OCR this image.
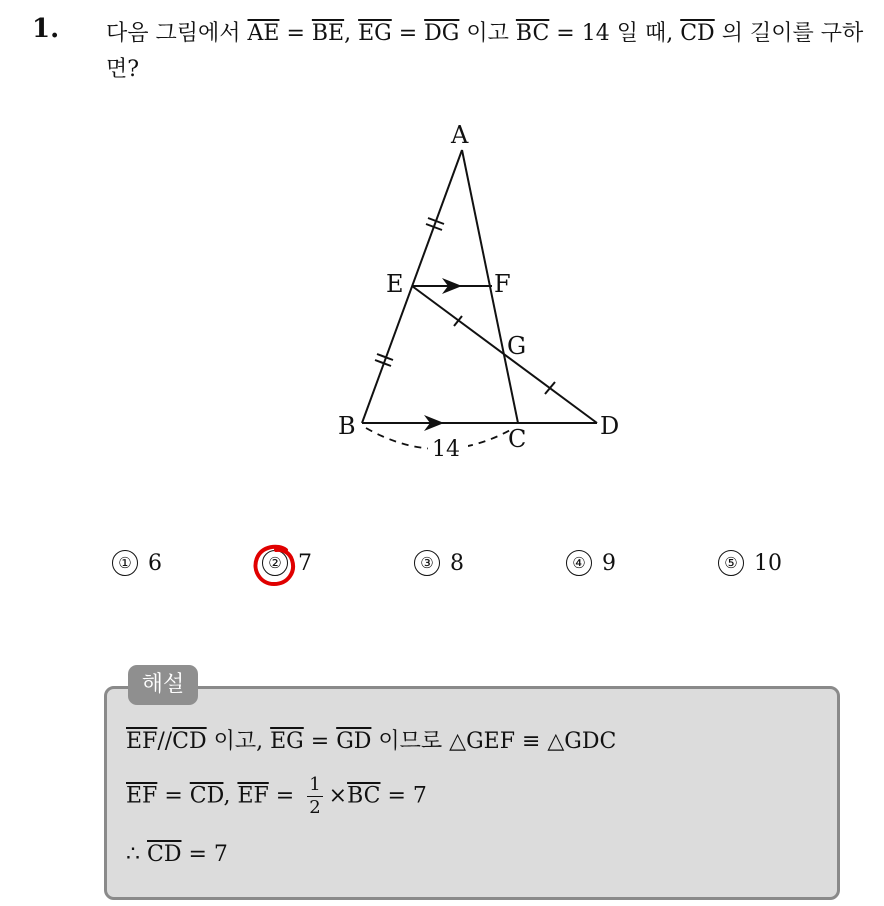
1. 다음 그림에서 $\overline{AE} = \overline{BE}$, $\overline{EG} = \overline{DG}$ 이고 $\overline{BC} = 14$ 일 때, $\overline{CD}$ 의 길이를 구하면?
A
B	C	D
E	F
G
14
① 6	② 7	③ 8	④ 9	⑤ 10
해설
$\overline{EF}//\overline{CD}$ 이고, $\overline{EG} = \overline{GD}$ 이므로 △GEF ≡ △GDC
$\overline{EF} = \overline{CD}$, $\overline{EF} = \frac{1}{2} \times\overline{BC} = 7$
∴ $\overline{CD} = 7$
